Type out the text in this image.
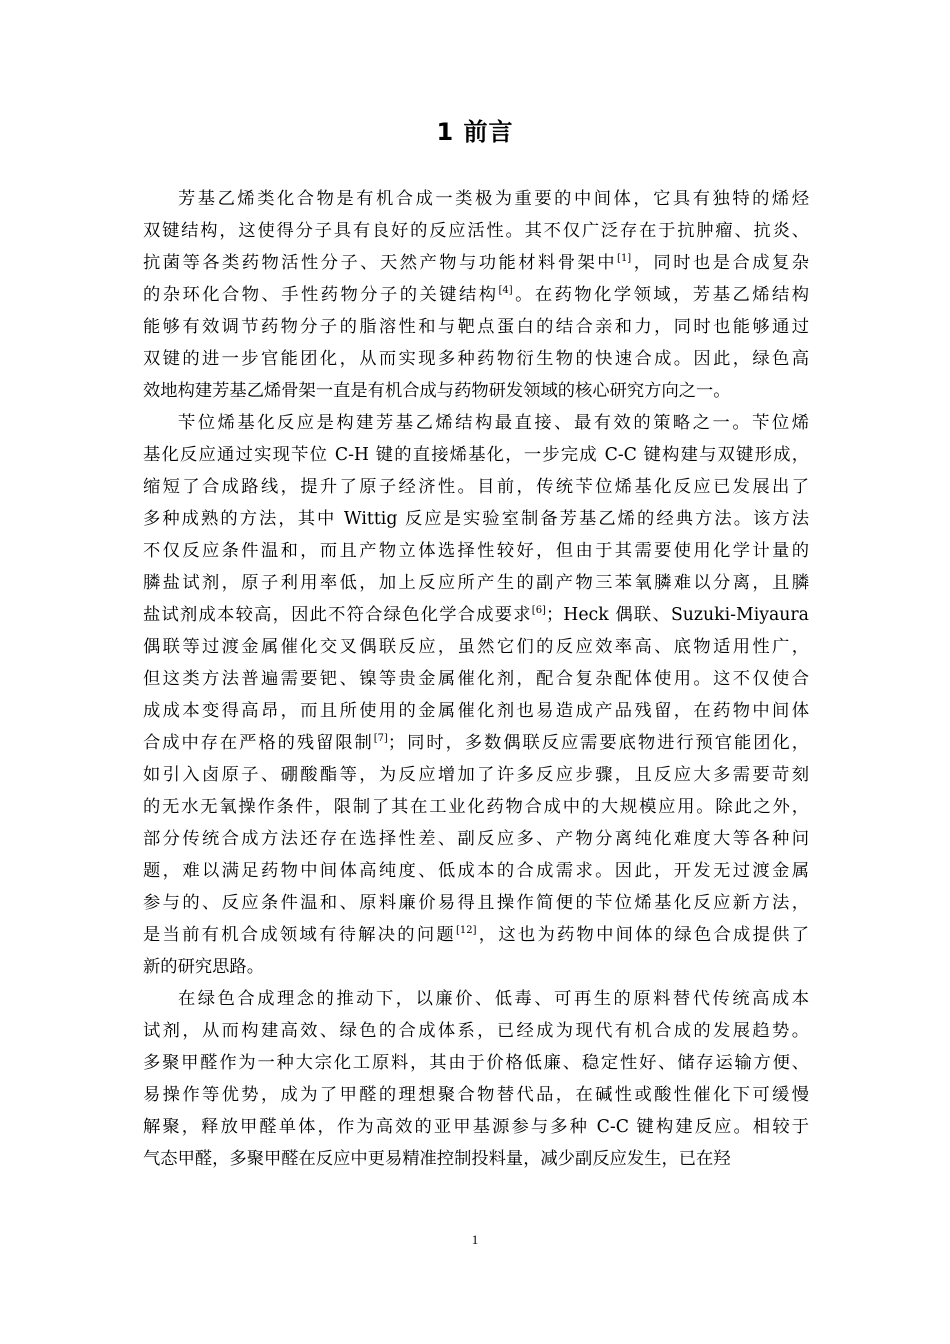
1 前言
芳基乙烯类化合物是有机合成一类极为重要的中间体，它具有独特的烯烃
双键结构，这使得分子具有良好的反应活性。其不仅广泛存在于抗肿瘤、抗炎、
抗菌等各类药物活性分子、天然产物与功能材料骨架中[1]，同时也是合成复杂
的杂环化合物、手性药物分子的关键结构[4]。在药物化学领域，芳基乙烯结构
能够有效调节药物分子的脂溶性和与靶点蛋白的结合亲和力，同时也能够通过
双键的进一步官能团化，从而实现多种药物衍生物的快速合成。因此，绿色高
效地构建芳基乙烯骨架一直是有机合成与药物研发领域的核心研究方向之一。
苄位烯基化反应是构建芳基乙烯结构最直接、最有效的策略之一。苄位烯
基化反应通过实现苄位 C-H 键的直接烯基化，一步完成 C-C 键构建与双键形成，
缩短了合成路线，提升了原子经济性。目前，传统苄位烯基化反应已发展出了
多种成熟的方法，其中 Wittig 反应是实验室制备芳基乙烯的经典方法。该方法
不仅反应条件温和，而且产物立体选择性较好，但由于其需要使用化学计量的
膦盐试剂，原子利用率低，加上反应所产生的副产物三苯氧膦难以分离，且膦
盐试剂成本较高，因此不符合绿色化学合成要求[6]；Heck 偶联、Suzuki-Miyaura
偶联等过渡金属催化交叉偶联反应，虽然它们的反应效率高、底物适用性广，
但这类方法普遍需要钯、镍等贵金属催化剂，配合复杂配体使用。这不仅使合
成成本变得高昂，而且所使用的金属催化剂也易造成产品残留，在药物中间体
合成中存在严格的残留限制[7]；同时，多数偶联反应需要底物进行预官能团化，
如引入卤原子、硼酸酯等，为反应增加了许多反应步骤，且反应大多需要苛刻
的无水无氧操作条件，限制了其在工业化药物合成中的大规模应用。除此之外，
部分传统合成方法还存在选择性差、副反应多、产物分离纯化难度大等各种问
题，难以满足药物中间体高纯度、低成本的合成需求。因此，开发无过渡金属
参与的、反应条件温和、原料廉价易得且操作简便的苄位烯基化反应新方法，
是当前有机合成领域有待解决的问题[12]，这也为药物中间体的绿色合成提供了
新的研究思路。
在绿色合成理念的推动下，以廉价、低毒、可再生的原料替代传统高成本
试剂，从而构建高效、绿色的合成体系，已经成为现代有机合成的发展趋势。
多聚甲醛作为一种大宗化工原料，其由于价格低廉、稳定性好、储存运输方便、
易操作等优势，成为了甲醛的理想聚合物替代品，在碱性或酸性催化下可缓慢
解聚，释放甲醛单体，作为高效的亚甲基源参与多种 C-C 键构建反应。相较于
气态甲醛，多聚甲醛在反应中更易精准控制投料量，减少副反应发生，已在羟
1
